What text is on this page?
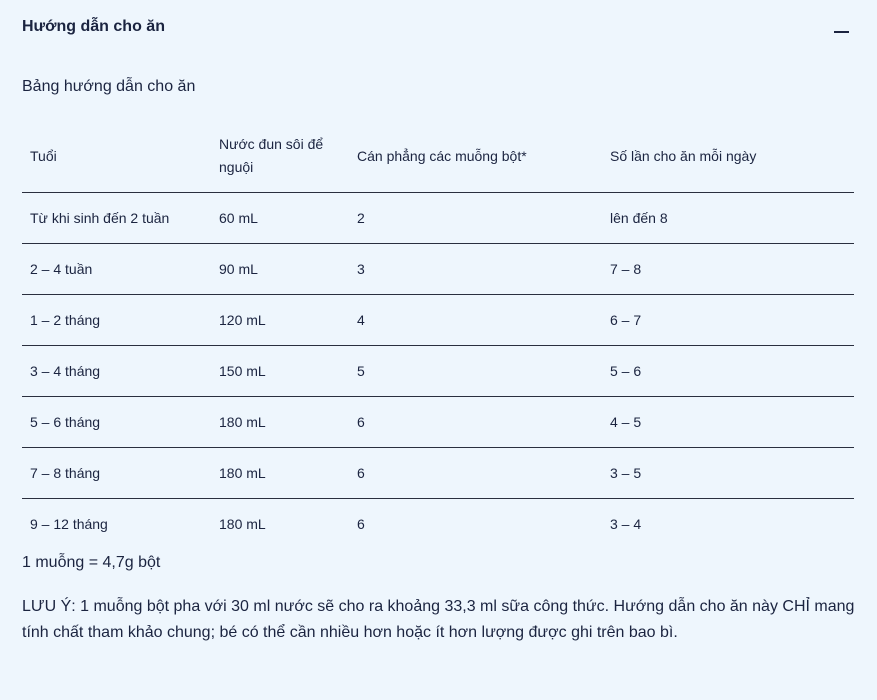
Hướng dẫn cho ăn
Bảng hướng dẫn cho ăn
Tuổi	Nước đun sôi để nguội	Cán phẳng các muỗng bột*	Số lần cho ăn mỗi ngày
Từ khi sinh đến 2 tuần	60 mL	2	lên đến 8
2 – 4 tuần	90 mL	3	7 – 8
1 – 2 tháng	120 mL	4	6 – 7
3 – 4 tháng	150 mL	5	5 – 6
5 – 6 tháng	180 mL	6	4 – 5
7 – 8 tháng	180 mL	6	3 – 5
9 – 12 tháng	180 mL	6	3 – 4
1 muỗng = 4,7g bột
LƯU Ý: 1 muỗng bột pha với 30 ml nước sẽ cho ra khoảng 33,3 ml sữa công thức. Hướng dẫn cho ăn này CHỈ mang tính chất tham khảo chung; bé có thể cần nhiều hơn hoặc ít hơn lượng được ghi trên bao bì.
